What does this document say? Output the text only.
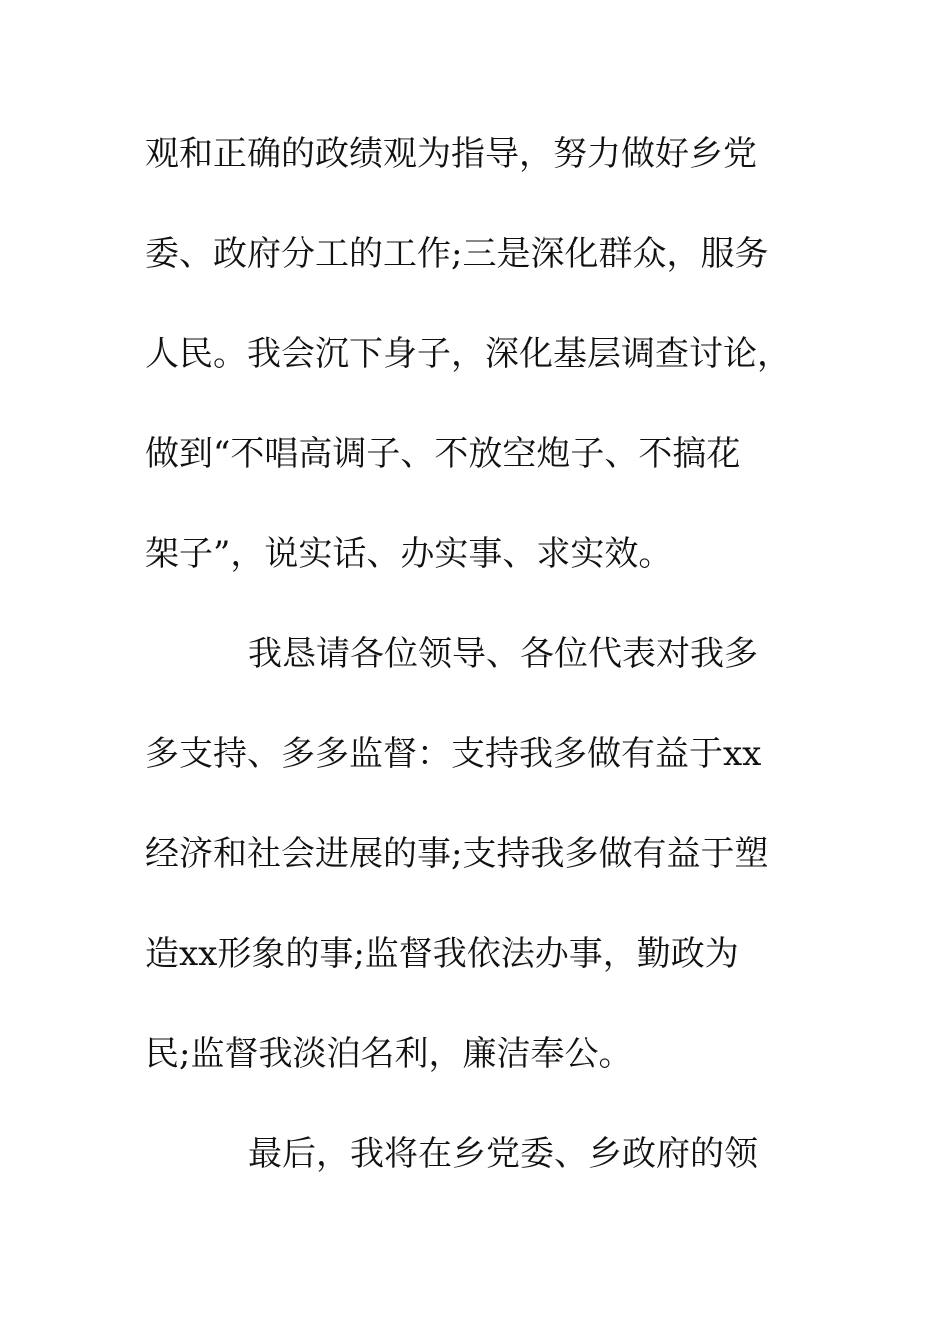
观和正确的政绩观为指导，努力做好乡党
委、政府分工的工作;三是深化群众，服务
人民。我会沉下身子，深化基层调查讨论，
做到“不唱高调子、不放空炮子、不搞花
架子”，说实话、办实事、求实效。
我恳请各位领导、各位代表对我多
多支持、多多监督：支持我多做有益于xx
经济和社会进展的事;支持我多做有益于塑
造xx形象的事;监督我依法办事，勤政为
民;监督我淡泊名利，廉洁奉公。
最后，我将在乡党委、乡政府的领
